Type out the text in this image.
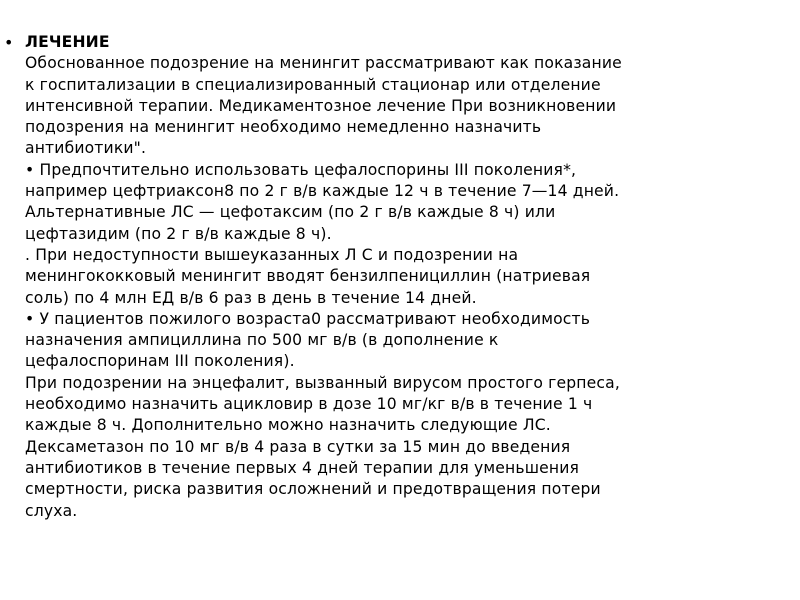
• ЛЕЧЕНИЕ
Обоснованное подозрение на менингит рассматривают как показание
к госпитализации в специализированный стационар или отделение
интенсивной терапии. Медикаментозное лечение При возникновении
подозрения на менингит необходимо немедленно назначить
антибиотики".
• Предпочтительно использовать цефалоспорины III поколения*,
например цефтриаксон8 по 2 г в/в каждые 12 ч в течение 7—14 дней.
Альтернативные ЛС — цефотаксим (по 2 г в/в каждые 8 ч) или
цефтазидим (по 2 г в/в каждые 8 ч).
. При недоступности вышеуказанных Л С и подозрении на
менингококковый менингит вводят бензилпенициллин (натриевая
соль) по 4 млн ЕД в/в 6 раз в день в течение 14 дней.
• У пациентов пожилого возраста0 рассматривают необходимость
назначения ампициллина по 500 мг в/в (в дополнение к
цефалоспоринам III поколения).
При подозрении на энцефалит, вызванный вирусом простого герпеса,
необходимо назначить ацикловир в дозе 10 мг/кг в/в в течение 1 ч
каждые 8 ч. Дополнительно можно назначить следующие ЛС.
Дексаметазон по 10 мг в/в 4 раза в сутки за 15 мин до введения
антибиотиков в течение первых 4 дней терапии для уменьшения
смертности, риска развития осложнений и предотвращения потери
слуха.
